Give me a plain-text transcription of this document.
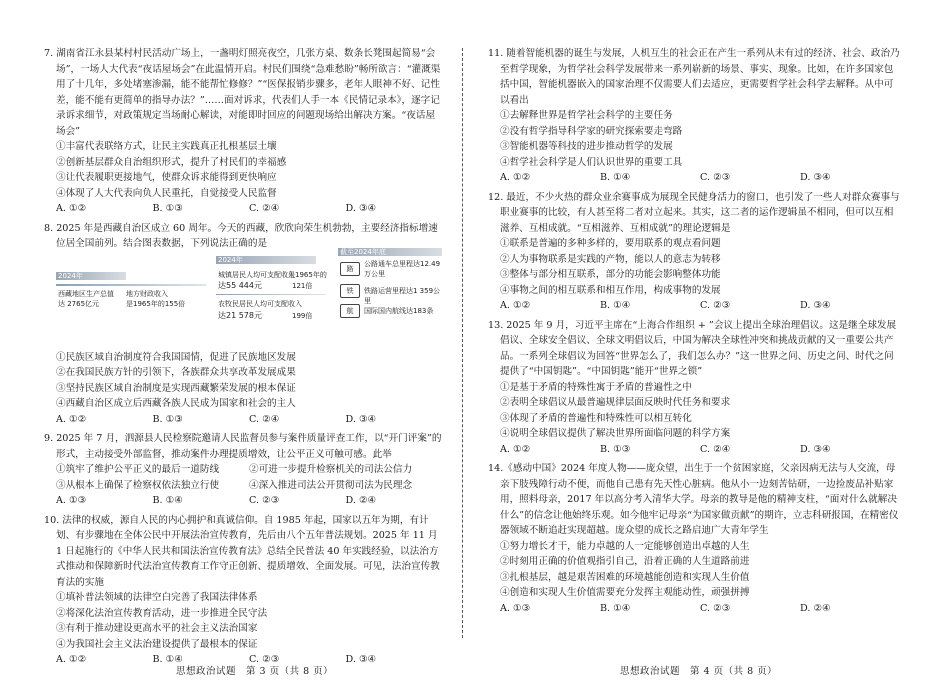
7. 湖南省江永县某村村民活动广场上，一盏明灯照亮夜空，几张方桌、数条长凳围起简易“会场”，一场人大代表“夜话屋场会”在此温情开启。村民们围绕“急难愁盼”畅所欲言：“灌溉渠用了十几年，多处堵塞渗漏，能不能帮忙修修？”“医保报销步骤多，老年人眼神不好、记性差，能不能有更简单的指导办法？”……面对诉求，代表们人手一本《民情记录本》，逐字记录诉求细节，对政策规定当场耐心解读，对能即时回应的问题现场给出解决方案。“夜话屋场会”

①丰富代表联络方式，让民主实践真正扎根基层土壤

②创新基层群众自治组织形式，提升了村民们的幸福感

③让代表履职更接地气，使群众诉求能得到更快响应

④体现了人大代表向负人民重托，自觉接受人民监督

A. ①②	B. ①③	C. ②④	D. ③④

8. 2025 年是西藏自治区成立 60 周年。今天的西藏，欣欣向荣生机勃勃，主要经济指标增速位居全国前列。结合图表数据，下列说法正确的是

2024年
西藏地区生产总值
达 2765亿元
地方财政收入
是1965年的155倍
2024年
城镇居民人均可支配收入
是1965年的
达55 444元	121倍
农牧民居民人均可支配收入
达21 578元	199倍
截至2024年底
路
公路通车总里程达12.49
万公里
铁	铁路运营里程达1 359公里
航	国际国内航线达183条

①民族区域自治制度符合我国国情，促进了民族地区发展

②在我国民族方针的引领下，各族群众共享改革发展成果

③坚持民族区域自治制度是实现西藏繁荣发展的根本保证

④西藏自治区成立后西藏各族人民成为国家和社会的主人

A. ①②	B. ①③	C. ②④	D. ③④

9. 2025 年 7 月，泗源县人民检察院邀请人民监督员参与案件质量评查工作，以“开门评案”的形式，主动接受外部监督，推动案件办理提质增效，让公平正义可触可感。此举

①筑牢了维护公平正义的最后一道防线	②可进一步提升检察机关的司法公信力
③从根本上确保了检察权依法独立行使	④深入推进司法公开贯彻司法为民理念
A. ①③	B. ①④	C. ②③	D. ②④

10. 法律的权威，源自人民的内心拥护和真诚信仰。自 1985 年起，国家以五年为期，有计划、有步骤地在全体公民中开展法治宣传教育，先后由八个五年普法规划。2025 年 11 月 1 日起施行的《中华人民共和国法治宣传教育法》总结全民普法 40 年实践经验，以法治方式推动和保障新时代法治宣传教育工作守正创新、提质增效、全面发展。可见，法治宣传教育法的实施

①填补普法领域的法律空白完善了我国法律体系

②将深化法治宣传教育活动，进一步推进全民守法

③有利于推动建设更高水平的社会主义法治国家

④为我国社会主义法治建设提供了最根本的保证

A. ①②	B. ①④	C. ②③	D. ③④

11. 随着智能机器的诞生与发展，人机互生的社会正在产生一系列从未有过的经济、社会、政治乃至哲学现象，为哲学社会科学发展带来一系列崭新的场景、事实、现象。比如，在许多国家包括中国，智能机器嵌入的国家治理不仅需要人们去适应，更需要哲学社会科学去解释。从中可以看出

①去解释世界是哲学社会科学的主要任务

②没有哲学指导科学家的研究探索要走弯路

③智能机器等科技的进步推动哲学的发展

④哲学社会科学是人们认识世界的重要工具

A. ①②	B. ①④	C. ②③	D. ③④

12. 最近，不少火热的群众业余赛事成为展现全民健身活力的窗口，也引发了一些人对群众赛事与职业赛事的比较，有人甚至将二者对立起来。其实，这二者的运作逻辑虽不相同，但可以互相滋养、互相成就。“互相滋养、互相成就”的理论逻辑是

①联系是普遍的多种多样的，要用联系的观点看问题

②人为事物联系是实践的产物，能以人的意志为转移

③整体与部分相互联系，部分的功能会影响整体功能

④事物之间的相互联系和相互作用，构成事物的发展

A. ①②	B. ①④	C. ②③	D. ③④

13. 2025 年 9 月，习近平主席在“上海合作组织 + ”会议上提出全球治理倡议。这是继全球发展倡议、全球安全倡议、全球文明倡议后，中国为解决全球性冲突和挑战贡献的又一重要公共产品。一系列全球倡议为回答“世界怎么了，我们怎么办？”这一世界之问、历史之问、时代之问提供了“中国钥匙”。“中国钥匙”能开“世界之锁”

①是基于矛盾的特殊性寓于矛盾的普遍性之中

②表明全球倡议从最普遍规律层面反映时代任务和要求

③体现了矛盾的普遍性和特殊性可以相互转化

④说明全球倡议提供了解决世界所面临问题的科学方案

A. ①②	B. ①③	C. ②④	D. ③④

14.《感动中国》2024 年度人物——庞众望，出生于一个贫困家庭，父亲因病无法与人交流，母亲下肢残障行动不便，而他自己患有先天性心脏病。他从小一边刻苦钻研，一边捡废品补贴家用，照料母亲，2017 年以高分考入清华大学。母亲的教导是他的精神支柱，“面对什么就解决什么”的信念让他始终乐观。如今他牢记母亲“为国家做贡献”的期许，立志科研报国，在精密仪器领域不断追赶实现超越。庞众望的成长之路启迪广大青年学生

①努力增长才干，能力卓越的人一定能够创造出卓越的人生

②时刻用正确的价值观指引自己，沿着正确的人生道路前进

③扎根基层，越是艰苦困难的环境越能创造和实现人生价值

④创造和实现人生价值需要充分发挥主观能动性，顽强拼搏

A. ①③	B. ①④	C. ②③	D. ②④
思想政治试题　第 3 页（共 8 页）	思想政治试题　第 4 页（共 8 页）
